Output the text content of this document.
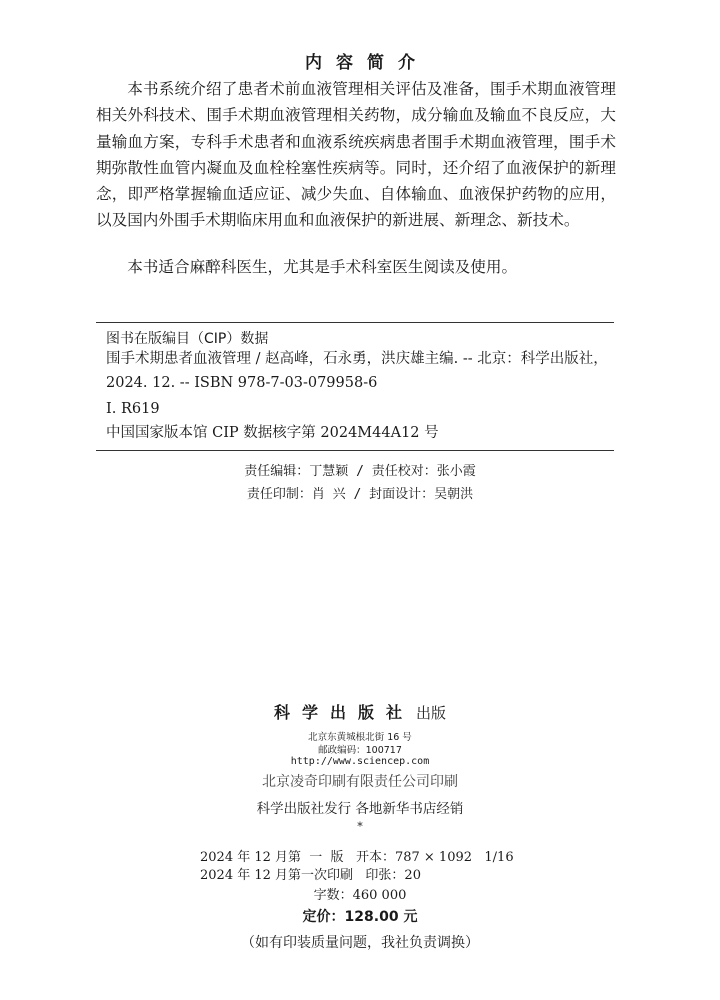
内容简介

本书系统介绍了患者术前血液管理相关评估及准备，围手术期血液管理相关外科技术、围手术期血液管理相关药物，成分输血及输血不良反应，大量输血方案，专科手术患者和血液系统疾病患者围手术期血液管理，围手术期弥散性血管内凝血及血栓栓塞性疾病等。同时，还介绍了血液保护的新理念，即严格掌握输血适应证、减少失血、自体输血、血液保护药物的应用，以及国内外围手术期临床用血和血液保护的新进展、新理念、新技术。

本书适合麻醉科医生，尤其是手术科室医生阅读及使用。

图书在版编目（CIP）数据
围手术期患者血液管理 / 赵高峰，石永勇，洪庆雄主编. -- 北京：科学出版社，2024. 12. -- ISBN 978-7-03-079958-6
Ⅰ. R619
中国国家版本馆 CIP 数据核字第 2024M44A12 号
责任编辑：丁慧颖 / 责任校对：张小霞
责任印制：肖 兴 / 封面设计：吴朝洪
科学出版社 出版
北京东黄城根北街 16 号
邮政编码：100717
http://www.sciencep.com
北京凌奇印刷有限责任公司印刷
科学出版社发行 各地新华书店经销
*
2024 年 12 月第  一  版   开本：787 × 1092   1/16
2024 年 12 月第一次印刷   印张：20
字数：460 000
定价：128.00 元
（如有印装质量问题，我社负责调换）
